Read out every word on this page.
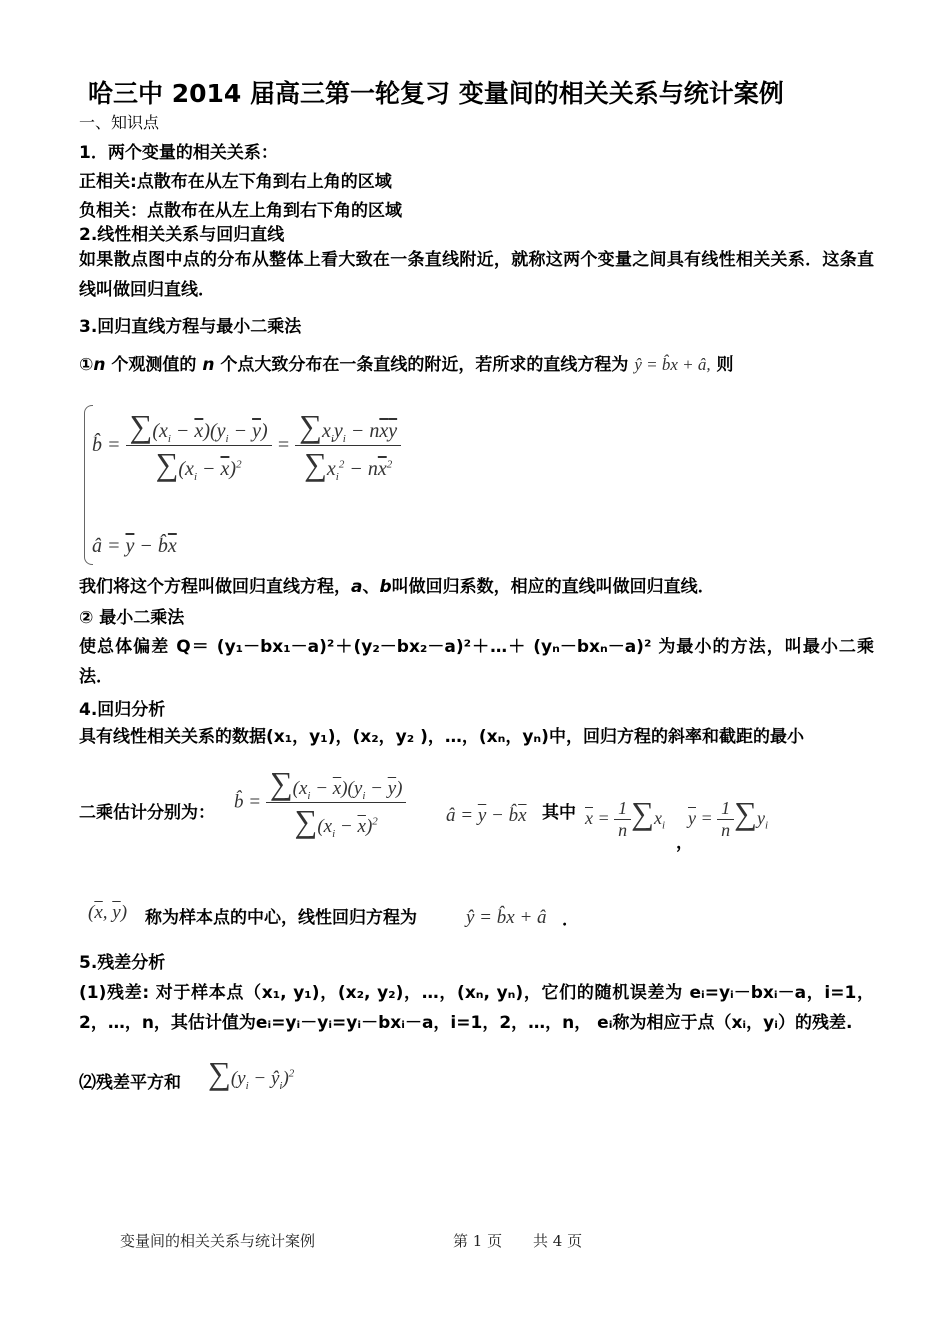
哈三中 2014 届高三第一轮复习 变量间的相关关系与统计案例
一、知识点
1．两个变量的相关关系：
正相关:点散布在从左下角到右上角的区域
负相关：点散布在从左上角到右下角的区域
2.线性相关关系与回归直线
如果散点图中点的分布从整体上看大致在一条直线附近，就称这两个变量之间具有线性相关关系．这条直线叫做回归直线．
3.回归直线方程与最小二乘法
①n 个观测值的 n 个点大致分布在一条直线的附近，若所求的直线方程为 ŷ = b̂x + â, 则
b̂ = $\frac{\sum(x_i - \overline{x})(y_i - \overline{y})}{\sum(x_i - \overline{x})^2} = \frac{\sum x_iy_i - n\overline{x}\overline{y}}{\sum x_i^2 - n\overline{x}^2}$
â = $\overline{y}$ − $b̂\overline{x}$
我们将这个方程叫做回归直线方程，a、b叫做回归系数，相应的直线叫做回归直线．
② 最小二乘法
使总体偏差 Q＝ (y₁－bx₁－a)²＋(y₂－bx₂－a)²＋…＋ (yₙ－bxₙ－a)² 为最小的方法，叫最小二乘法．
4.回归分析
具有线性相关关系的数据(x₁，y₁)，(x₂，y₂ )，…，(xₙ，yₙ)中，回归方程的斜率和截距的最小
二乘估计分别为：
b̂ = $\frac{\sum(x_i - \overline{x})(y_i - \overline{y})}{\sum(x_i - \overline{x})^2}$ â = $\overline{y}$ − $b̂\overline{x}$ 其中 $\overline{x} = \frac{1}{n} \sum x_i$
，
$\overline{y} = \frac{1}{n} \sum y_i$
($\overline{x}$, $\overline{y}$) 称为样本点的中心，线性回归方程为	ŷ = b̂x + â ．
5.残差分析
(1)残差: 对于样本点（x₁, y₁)，(x₂, y₂)，…，(xₙ, yₙ)，它们的随机误差为 eᵢ=yᵢ－bxᵢ－a，i=1，2，…，n，其估计值为eᵢ=yᵢ－yᵢ=yᵢ－bxᵢ－a，i=1，2，…，n， eᵢ称为相应于点（xᵢ，yᵢ）的残差.
⑵残差平方和 $\sum(y_i$ − $ŷ_i)^2$
变量间的相关关系与统计案例	第 1 页 共 4 页
